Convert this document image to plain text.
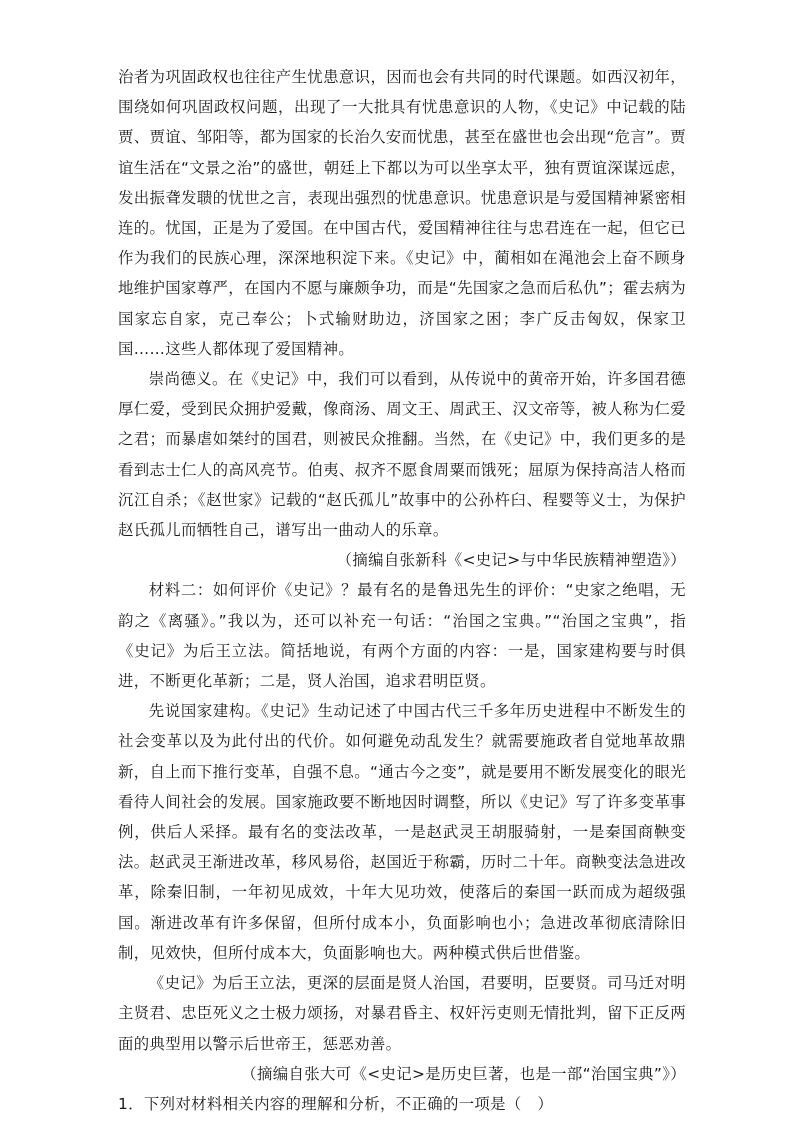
治者为巩固政权也往往产生忧患意识，因而也会有共同的时代课题。如西汉初年，围绕如何巩固政权问题，出现了一大批具有忧患意识的人物，《史记》中记载的陆贾、贾谊、邹阳等，都为国家的长治久安而忧患，甚至在盛世也会出现“危言”。贾谊生活在“文景之治”的盛世，朝廷上下都以为可以坐享太平，独有贾谊深谋远虑，发出振聋发聩的忧世之言，表现出强烈的忧患意识。忧患意识是与爱国精神紧密相连的。忧国，正是为了爱国。在中国古代，爱国精神往往与忠君连在一起，但它已作为我们的民族心理，深深地积淀下来。《史记》中，蔺相如在渑池会上奋不顾身地维护国家尊严，在国内不愿与廉颇争功，而是“先国家之急而后私仇”；霍去病为国家忘自家，克己奉公；卜式输财助边，济国家之困；李广反击匈奴，保家卫国……这些人都体现了爱国精神。

崇尚德义。在《史记》中，我们可以看到，从传说中的黄帝开始，许多国君德厚仁爱，受到民众拥护爱戴，像商汤、周文王、周武王、汉文帝等，被人称为仁爱之君；而暴虐如桀纣的国君，则被民众推翻。当然，在《史记》中，我们更多的是看到志士仁人的高风亮节。伯夷、叔齐不愿食周粟而饿死；屈原为保持高洁人格而沉江自杀；《赵世家》记载的“赵氏孤儿”故事中的公孙杵臼、程婴等义士，为保护赵氏孤儿而牺牲自己，谱写出一曲动人的乐章。

（摘编自张新科《<史记>与中华民族精神塑造》）

材料二：如何评价《史记》？最有名的是鲁迅先生的评价：“史家之绝唱，无韵之《离骚》。”我以为，还可以补充一句话：“治国之宝典。”“治国之宝典”，指《史记》为后王立法。简括地说，有两个方面的内容：一是，国家建构要与时俱进，不断更化革新；二是，贤人治国，追求君明臣贤。

先说国家建构。《史记》生动记述了中国古代三千多年历史进程中不断发生的社会变革以及为此付出的代价。如何避免动乱发生？就需要施政者自觉地革故鼎新，自上而下推行变革，自强不息。“通古今之变”，就是要用不断发展变化的眼光看待人间社会的发展。国家施政要不断地因时调整，所以《史记》写了许多变革事例，供后人采择。最有名的变法改革，一是赵武灵王胡服骑射，一是秦国商鞅变法。赵武灵王渐进改革，移风易俗，赵国近于称霸，历时二十年。商鞅变法急进改革，除秦旧制，一年初见成效，十年大见功效，使落后的秦国一跃而成为超级强国。渐进改革有许多保留，但所付成本小，负面影响也小；急进改革彻底清除旧制，见效快，但所付成本大，负面影响也大。两种模式供后世借鉴。

《史记》为后王立法，更深的层面是贤人治国，君要明，臣要贤。司马迁对明主贤君、忠臣死义之士极力颂扬，对暴君昏主、权奸污吏则无情批判，留下正反两面的典型用以警示后世帝王，惩恶劝善。

（摘编自张大可《<史记>是历史巨著，也是一部“治国宝典”》）

1．下列对材料相关内容的理解和分析，不正确的一项是（　）
